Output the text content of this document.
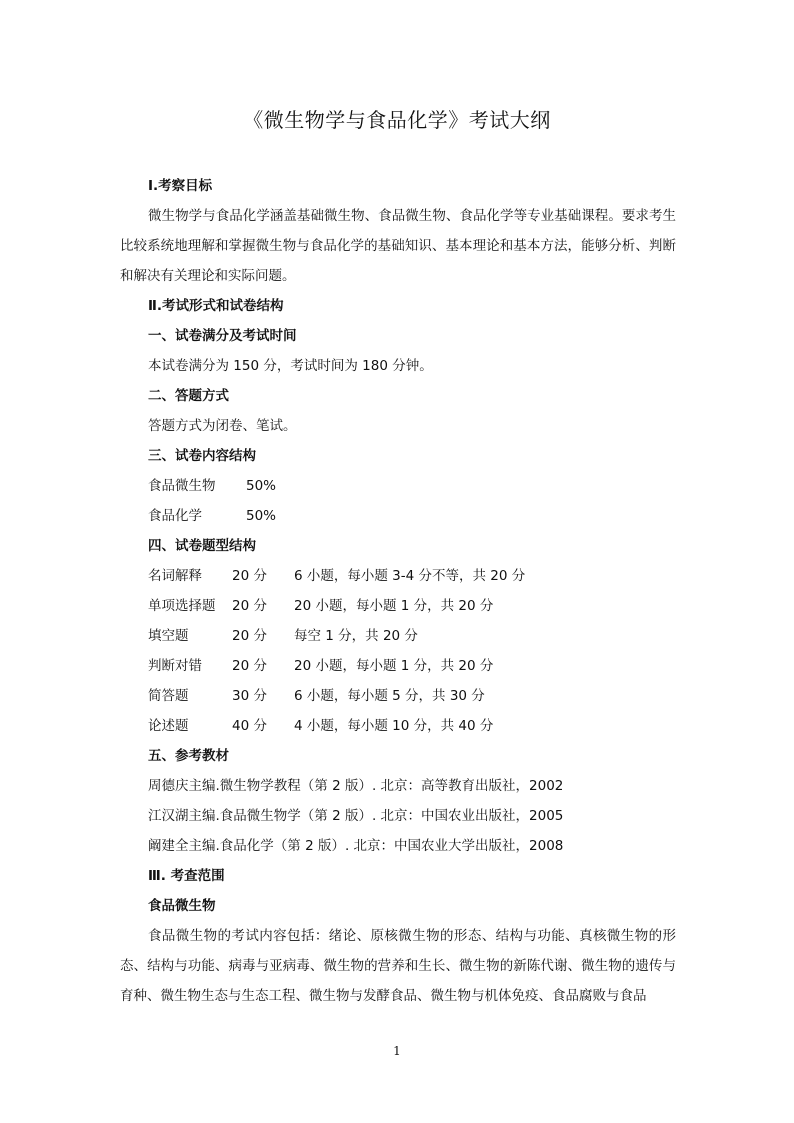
《微生物学与食品化学》考试大纲
Ⅰ.考察目标
微生物学与食品化学涵盖基础微生物、食品微生物、食品化学等专业基础课程。要求考生比较系统地理解和掌握微生物与食品化学的基础知识、基本理论和基本方法，能够分析、判断和解决有关理论和实际问题。
Ⅱ.考试形式和试卷结构
一、试卷满分及考试时间
本试卷满分为 150 分，考试时间为 180 分钟。
二、答题方式
答题方式为闭卷、笔试。
三、试卷内容结构
食品微生物 50%
食品化学	50%
四、试卷题型结构
名词解释 20 分 6 小题，每小题 3-4 分不等，共 20 分
单项选择题 20 分 20 小题，每小题 1 分，共 20 分
填空题	20 分 每空 1 分，共 20 分
判断对错 20 分 20 小题，每小题 1 分，共 20 分
简答题	30 分 6 小题，每小题 5 分，共 30 分
论述题	40 分 4 小题，每小题 10 分，共 40 分
五、参考教材
周德庆主编.微生物学教程（第 2 版）. 北京：高等教育出版社，2002
江汉湖主编.食品微生物学（第 2 版）. 北京：中国农业出版社，2005
阚建全主编.食品化学（第 2 版）. 北京：中国农业大学出版社，2008
Ⅲ. 考查范围
食品微生物
食品微生物的考试内容包括：绪论、原核微生物的形态、结构与功能、真核微生物的形态、结构与功能、病毒与亚病毒、微生物的营养和生长、微生物的新陈代谢、微生物的遗传与育种、微生物生态与生态工程、微生物与发酵食品、微生物与机体免疫、食品腐败与食品
1
